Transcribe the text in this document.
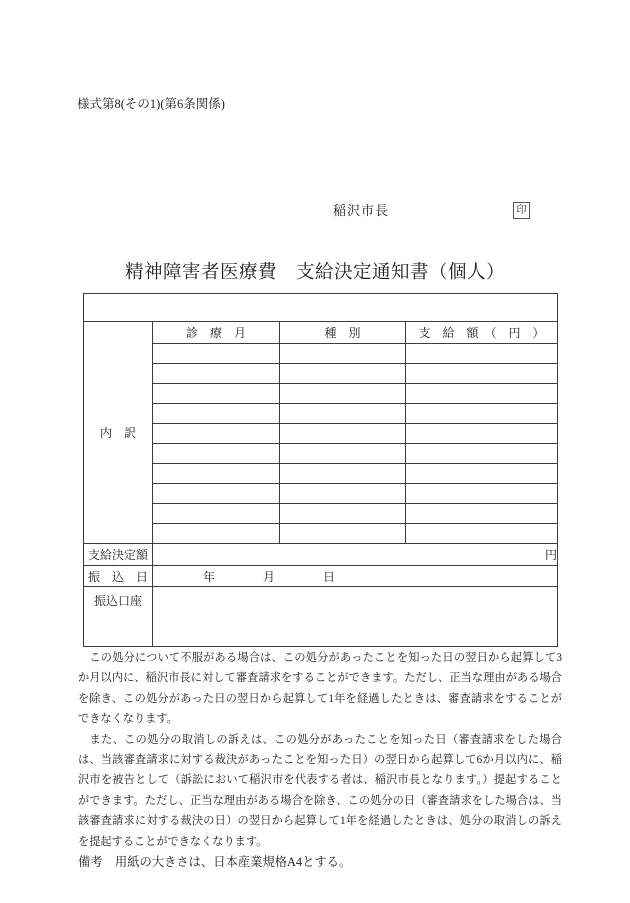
様式第8(その1)(第6条関係)
稲沢市長	印
精神障害者医療費　支給決定通知書（個人）

内　訳	診　療　月	種　別	支　給　額　（　円　）

支給決定額	円		
振　込　日	年 月 日		
振込口座			

　この処分について不服がある場合は、この処分があったことを知った日の翌日から起算して3か月以内に、稲沢市長に対して審査請求をすることができます。ただし、正当な理由がある場合を除き、この処分があった日の翌日から起算して1年を経過したときは、審査請求をすることができなくなります。

　また、この処分の取消しの訴えは、この処分があったことを知った日（審査請求をした場合は、当該審査請求に対する裁決があったことを知った日）の翌日から起算して6か月以内に、稲沢市を被告として（訴訟において稲沢市を代表する者は、稲沢市長となります。）提起することができます。ただし、正当な理由がある場合を除き、この処分の日（審査請求をした場合は、当該審査請求に対する裁決の日）の翌日から起算して1年を経過したときは、処分の取消しの訴えを提起することができなくなります。

備考　用紙の大きさは、日本産業規格A4とする。
